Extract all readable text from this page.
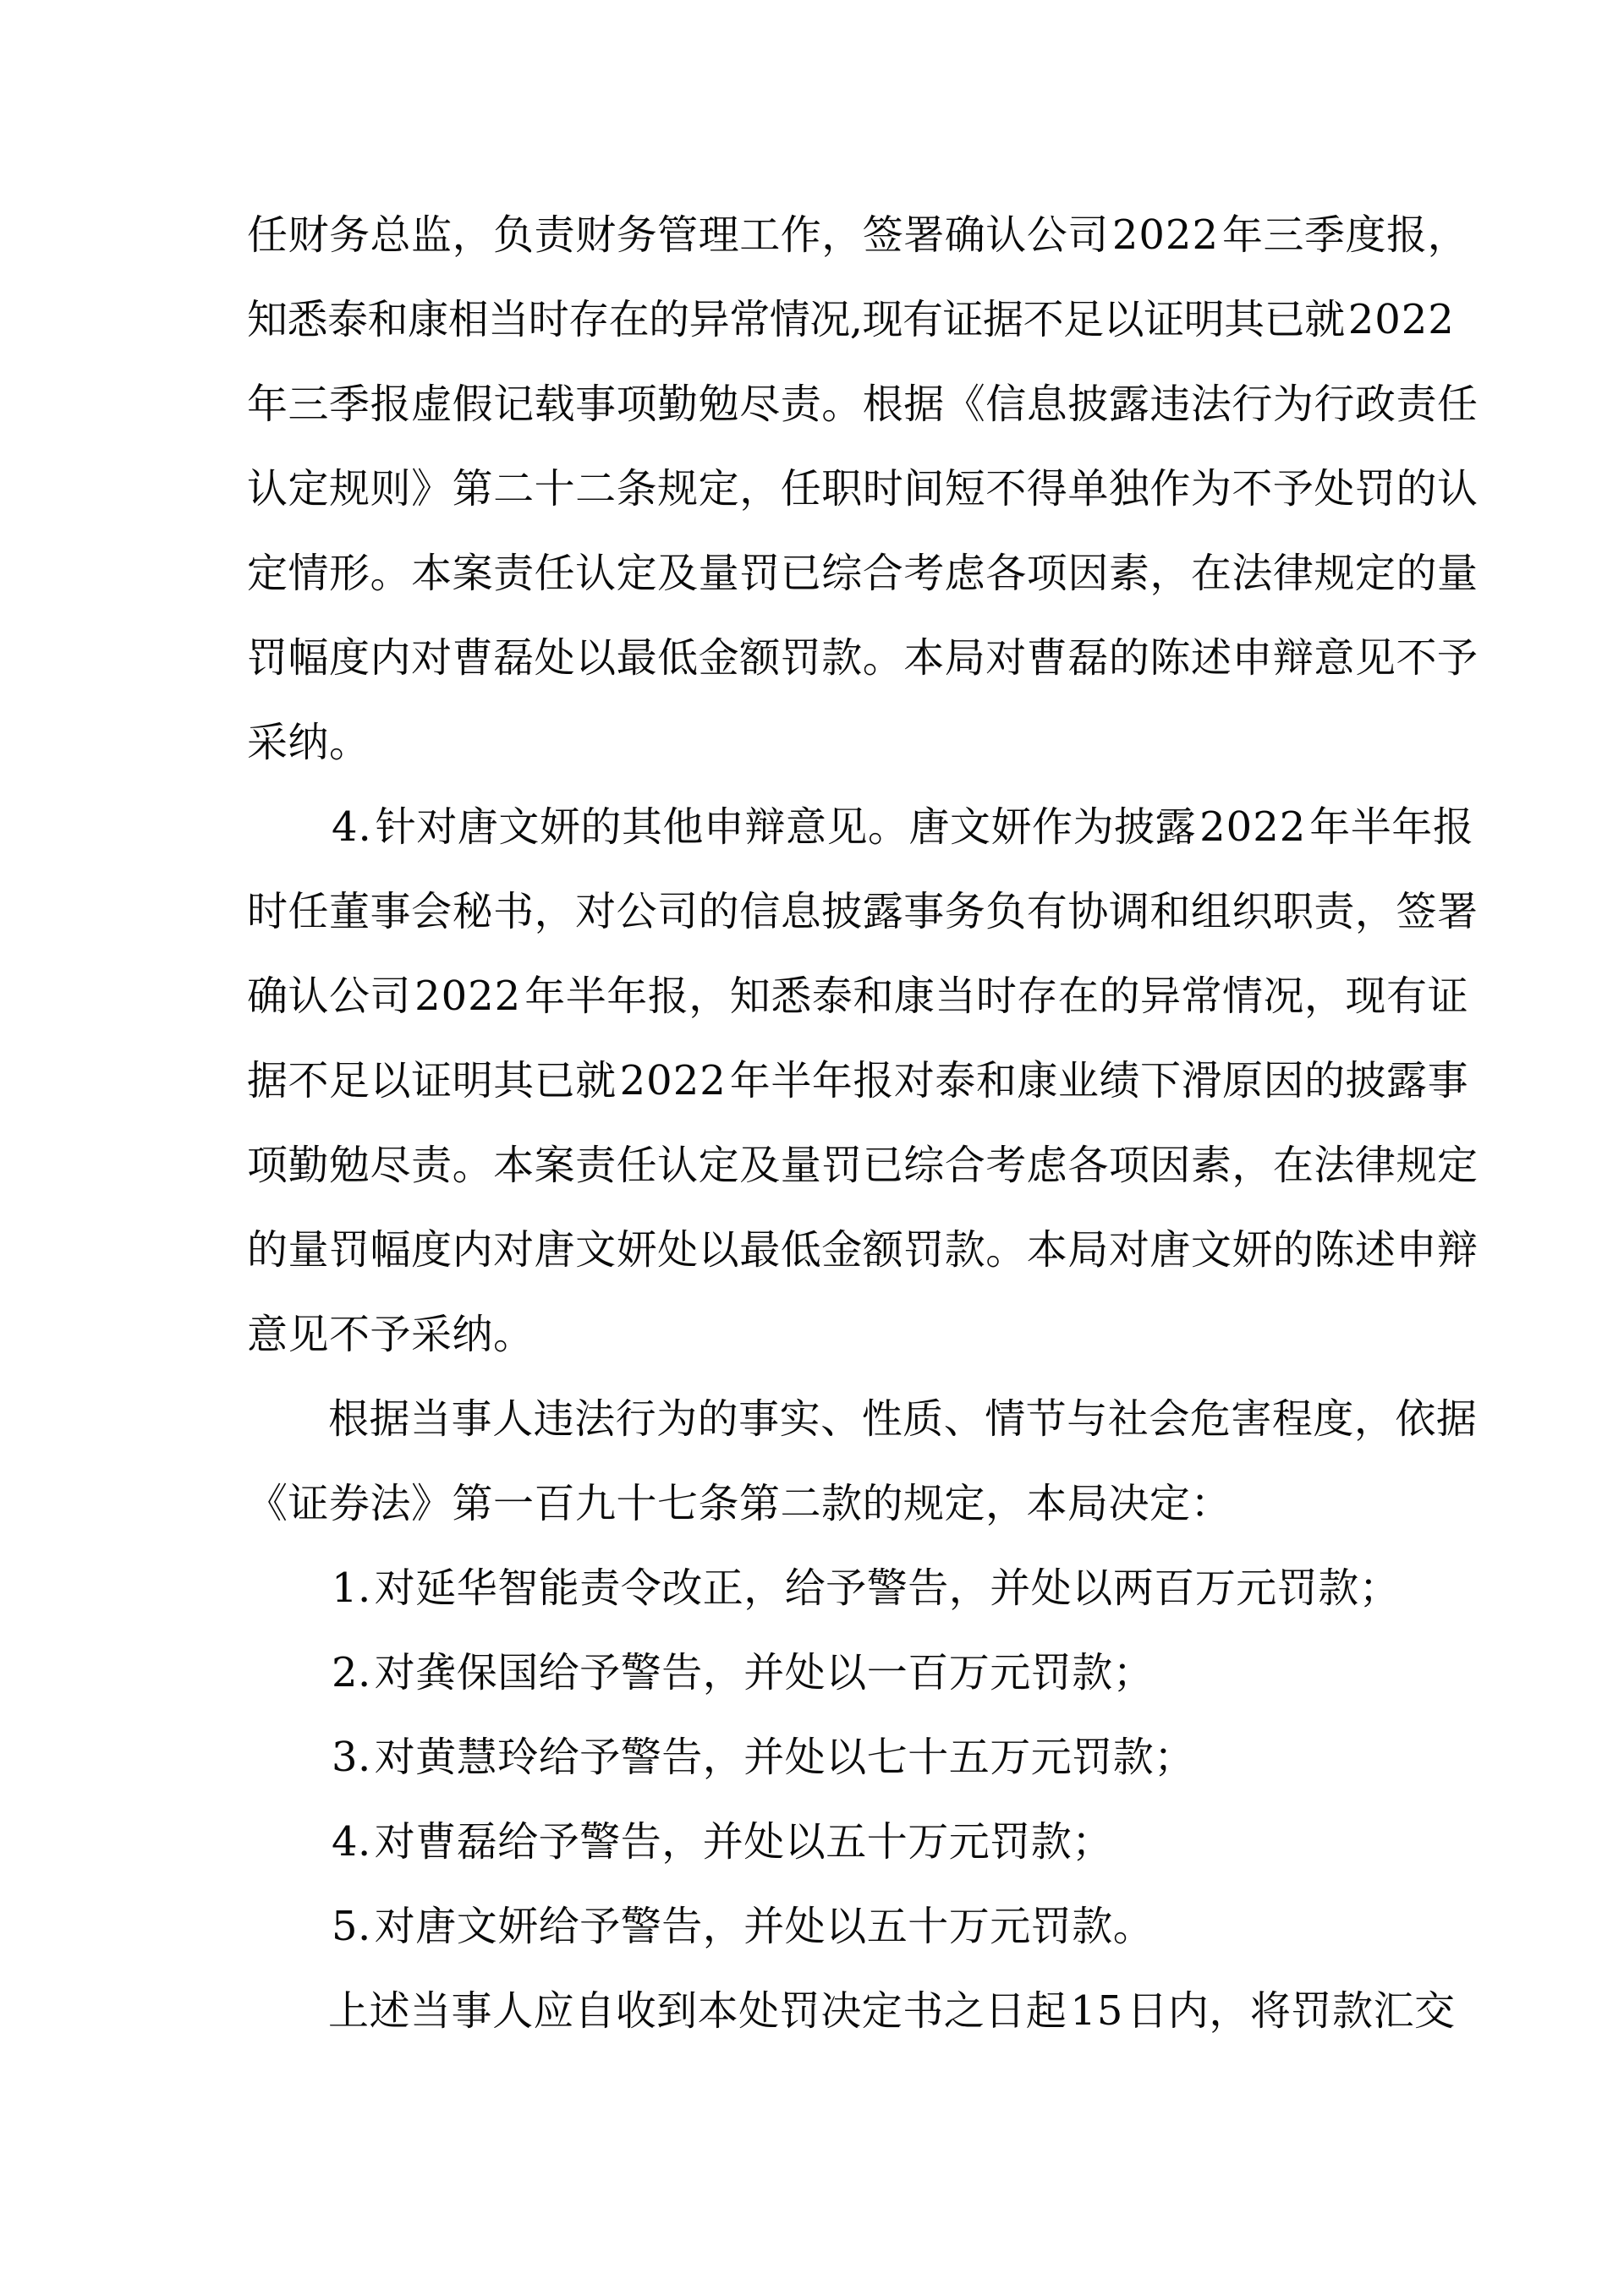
任 财 务 总 监 ， 负 责 财 务 管 理 工 作 ， 签 署 确 认 公 司 2022 年 三 季 度 报 ，
知 悉 泰 和 康 相 当 时 存 在 的 异 常 情 况 , 现 有 证 据 不 足 以 证 明 其 已 就 2022
年 三 季 报 虚 假 记 载 事 项 勤 勉 尽 责 。 根 据 《 信 息 披 露 违 法 行 为 行 政 责 任
认 定 规 则 》 第 二 十 二 条 规 定 ， 任 职 时 间 短 不 得 单 独 作 为 不 予 处 罚 的 认
定 情 形 。 本 案 责 任 认 定 及 量 罚 已 综 合 考 虑 各 项 因 素 ， 在 法 律 规 定 的 量
罚 幅 度 内 对 曹 磊 处 以 最 低 金 额 罚 款 。 本 局 对 曹 磊 的 陈 述 申 辩 意 见 不 予
采纳。
4. 针 对 唐 文 妍 的 其 他 申 辩 意 见 。 唐 文 妍 作 为 披 露 2022 年 半 年 报
时 任 董 事 会 秘 书 ， 对 公 司 的 信 息 披 露 事 务 负 有 协 调 和 组 织 职 责 ， 签 署
确 认 公 司 2022 年 半 年 报 ， 知 悉 泰 和 康 当 时 存 在 的 异 常 情 况 ， 现 有 证
据 不 足 以 证 明 其 已 就 2022 年 半 年 报 对 泰 和 康 业 绩 下 滑 原 因 的 披 露 事
项 勤 勉 尽 责 。 本 案 责 任 认 定 及 量 罚 已 综 合 考 虑 各 项 因 素 ， 在 法 律 规 定
的 量 罚 幅 度 内 对 唐 文 妍 处 以 最 低 金 额 罚 款 。 本 局 对 唐 文 妍 的 陈 述 申 辩
意见不予采纳。
根 据 当 事 人 违 法 行 为 的 事 实 、 性 质 、 情 节 与 社 会 危 害 程 度 ， 依 据
《证券法》第一百九十七条第二款的规定，本局决定：
1.对延华智能责令改正，给予警告，并处以两百万元罚款；
2.对龚保国给予警告，并处以一百万元罚款；
3.对黄慧玲给予警告，并处以七十五万元罚款；
4.对曹磊给予警告，并处以五十万元罚款；
5.对唐文妍给予警告，并处以五十万元罚款。
上 述 当 事 人 应 自 收 到 本 处 罚 决 定 书 之 日 起 15 日 内 ， 将 罚 款 汇 交
